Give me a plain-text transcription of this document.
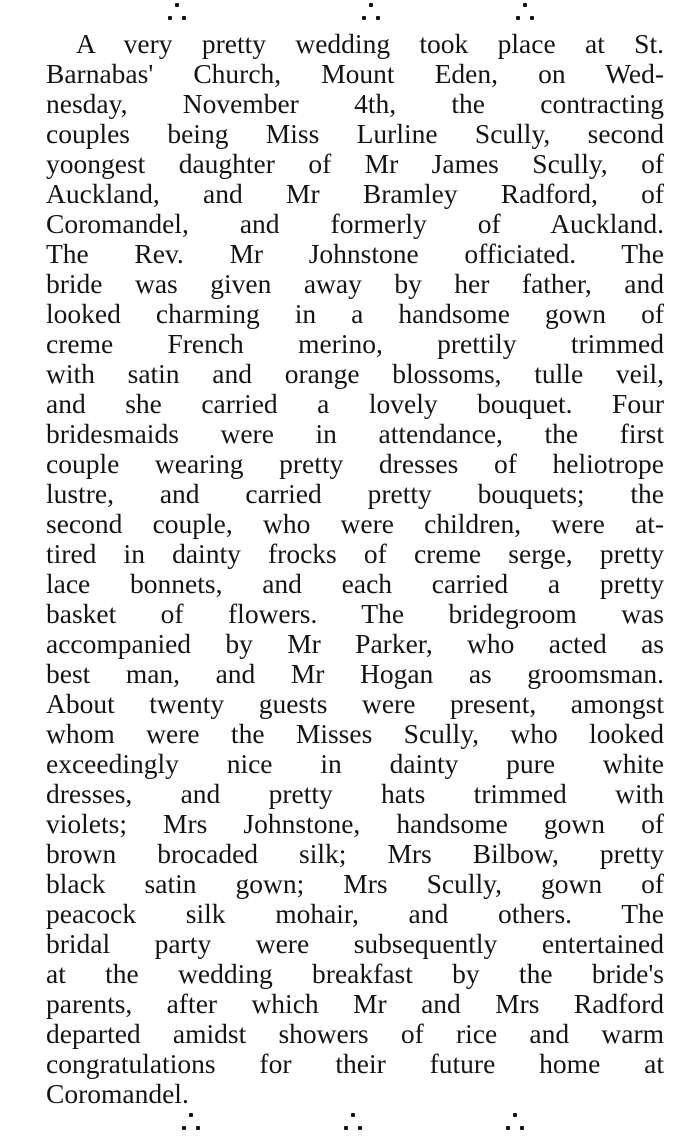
A very pretty wedding took place at St.
Barnabas' Church, Mount Eden, on Wed-
nesday, November 4th, the contracting
couples being Miss Lurline Scully, second
yoongest daughter of Mr James Scully, of
Auckland, and Mr Bramley Radford, of
Coromandel, and formerly of Auckland.
The Rev. Mr Johnstone officiated. The
bride was given away by her father, and
looked charming in a handsome gown of
creme French merino, prettily trimmed
with satin and orange blossoms, tulle veil,
and she carried a lovely bouquet. Four
bridesmaids were in attendance, the first
couple wearing pretty dresses of heliotrope
lustre, and carried pretty bouquets; the
second couple, who were children, were at-
tired in dainty frocks of creme serge, pretty
lace bonnets, and each carried a pretty
basket of flowers. The bridegroom was
accompanied by Mr Parker, who acted as
best man, and Mr Hogan as groomsman.
About twenty guests were present, amongst
whom were the Misses Scully, who looked
exceedingly nice in dainty pure white
dresses, and pretty hats trimmed with
violets; Mrs Johnstone, handsome gown of
brown brocaded silk; Mrs Bilbow, pretty
black satin gown; Mrs Scully, gown of
peacock silk mohair, and others. The
bridal party were subsequently entertained
at the wedding breakfast by the bride's
parents, after which Mr and Mrs Radford
departed amidst showers of rice and warm
congratulations for their future home at
Coromandel.
